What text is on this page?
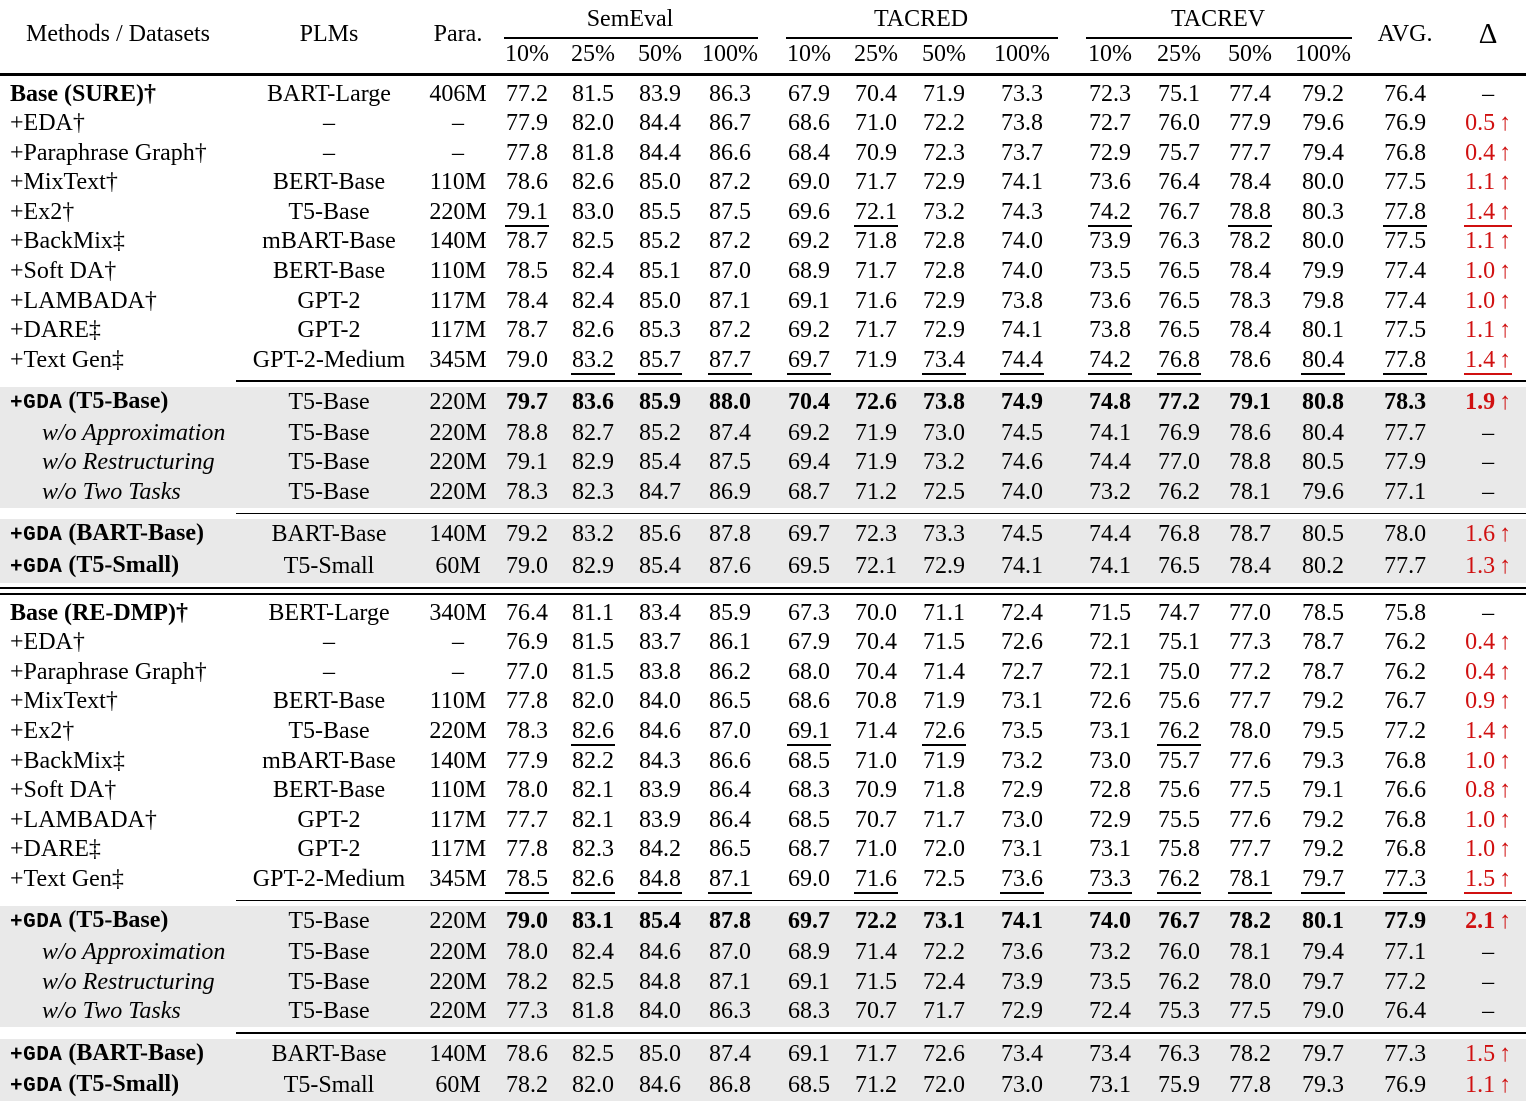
Methods / Datasets	PLMs	Para.	SemEval					TACRED					TACREV				AVG.	Δ
			10%	25%	50%	100%		10%	25%	50%	100%		10%	25%	50%	100%		

Base (SURE)†	BART-Large	406M	77.2	81.5	83.9	86.3		67.9	70.4	71.9	73.3		72.3	75.1	77.4	79.2	76.4	–
+EDA†	–	–	77.9	82.0	84.4	86.7		68.6	71.0	72.2	73.8		72.7	76.0	77.9	79.6	76.9	0.5 ↑
+Paraphrase Graph†	–	–	77.8	81.8	84.4	86.6		68.4	70.9	72.3	73.7		72.9	75.7	77.7	79.4	76.8	0.4 ↑
+MixText†	BERT-Base	110M	78.6	82.6	85.0	87.2		69.0	71.7	72.9	74.1		73.6	76.4	78.4	80.0	77.5	1.1 ↑
+Ex2†	T5-Base	220M	79.1	83.0	85.5	87.5		69.6	72.1	73.2	74.3		74.2	76.7	78.8	80.3	77.8	1.4 ↑
+BackMix‡	mBART-Base	140M	78.7	82.5	85.2	87.2		69.2	71.8	72.8	74.0		73.9	76.3	78.2	80.0	77.5	1.1 ↑
+Soft DA†	BERT-Base	110M	78.5	82.4	85.1	87.0		68.9	71.7	72.8	74.0		73.5	76.5	78.4	79.9	77.4	1.0 ↑
+LAMBADA†	GPT-2	117M	78.4	82.4	85.0	87.1		69.1	71.6	72.9	73.8		73.6	76.5	78.3	79.8	77.4	1.0 ↑
+DARE‡	GPT-2	117M	78.7	82.6	85.3	87.2		69.2	71.7	72.9	74.1		73.8	76.5	78.4	80.1	77.5	1.1 ↑
+Text Gen‡	GPT-2-Medium	345M	79.0	83.2	85.7	87.7		69.7	71.9	73.4	74.4		74.2	76.8	78.6	80.4	77.8	1.4 ↑

+GDA (T5-Base)	T5-Base	220M	79.7	83.6	85.9	88.0		70.4	72.6	73.8	74.9		74.8	77.2	79.1	80.8	78.3	1.9 ↑
w/o Approximation	T5-Base	220M	78.8	82.7	85.2	87.4		69.2	71.9	73.0	74.5		74.1	76.9	78.6	80.4	77.7	–
w/o Restructuring	T5-Base	220M	79.1	82.9	85.4	87.5		69.4	71.9	73.2	74.6		74.4	77.0	78.8	80.5	77.9	–
w/o Two Tasks	T5-Base	220M	78.3	82.3	84.7	86.9		68.7	71.2	72.5	74.0		73.2	76.2	78.1	79.6	77.1	–

+GDA (BART-Base)	BART-Base	140M	79.2	83.2	85.6	87.8		69.7	72.3	73.3	74.5		74.4	76.8	78.7	80.5	78.0	1.6 ↑
+GDA (T5-Small)	T5-Small	60M	79.0	82.9	85.4	87.6		69.5	72.1	72.9	74.1		74.1	76.5	78.4	80.2	77.7	1.3 ↑

Base (RE-DMP)†	BERT-Large	340M	76.4	81.1	83.4	85.9		67.3	70.0	71.1	72.4		71.5	74.7	77.0	78.5	75.8	–
+EDA†	–	–	76.9	81.5	83.7	86.1		67.9	70.4	71.5	72.6		72.1	75.1	77.3	78.7	76.2	0.4 ↑
+Paraphrase Graph†	–	–	77.0	81.5	83.8	86.2		68.0	70.4	71.4	72.7		72.1	75.0	77.2	78.7	76.2	0.4 ↑
+MixText†	BERT-Base	110M	77.8	82.0	84.0	86.5		68.6	70.8	71.9	73.1		72.6	75.6	77.7	79.2	76.7	0.9 ↑
+Ex2†	T5-Base	220M	78.3	82.6	84.6	87.0		69.1	71.4	72.6	73.5		73.1	76.2	78.0	79.5	77.2	1.4 ↑
+BackMix‡	mBART-Base	140M	77.9	82.2	84.3	86.6		68.5	71.0	71.9	73.2		73.0	75.7	77.6	79.3	76.8	1.0 ↑
+Soft DA†	BERT-Base	110M	78.0	82.1	83.9	86.4		68.3	70.9	71.8	72.9		72.8	75.6	77.5	79.1	76.6	0.8 ↑
+LAMBADA†	GPT-2	117M	77.7	82.1	83.9	86.4		68.5	70.7	71.7	73.0		72.9	75.5	77.6	79.2	76.8	1.0 ↑
+DARE‡	GPT-2	117M	77.8	82.3	84.2	86.5		68.7	71.0	72.0	73.1		73.1	75.8	77.7	79.2	76.8	1.0 ↑
+Text Gen‡	GPT-2-Medium	345M	78.5	82.6	84.8	87.1		69.0	71.6	72.5	73.6		73.3	76.2	78.1	79.7	77.3	1.5 ↑

+GDA (T5-Base)	T5-Base	220M	79.0	83.1	85.4	87.8		69.7	72.2	73.1	74.1		74.0	76.7	78.2	80.1	77.9	2.1 ↑
w/o Approximation	T5-Base	220M	78.0	82.4	84.6	87.0		68.9	71.4	72.2	73.6		73.2	76.0	78.1	79.4	77.1	–
w/o Restructuring	T5-Base	220M	78.2	82.5	84.8	87.1		69.1	71.5	72.4	73.9		73.5	76.2	78.0	79.7	77.2	–
w/o Two Tasks	T5-Base	220M	77.3	81.8	84.0	86.3		68.3	70.7	71.7	72.9		72.4	75.3	77.5	79.0	76.4	–

+GDA (BART-Base)	BART-Base	140M	78.6	82.5	85.0	87.4		69.1	71.7	72.6	73.4		73.4	76.3	78.2	79.7	77.3	1.5 ↑
+GDA (T5-Small)	T5-Small	60M	78.2	82.0	84.6	86.8		68.5	71.2	72.0	73.0		73.1	75.9	77.8	79.3	76.9	1.1 ↑
